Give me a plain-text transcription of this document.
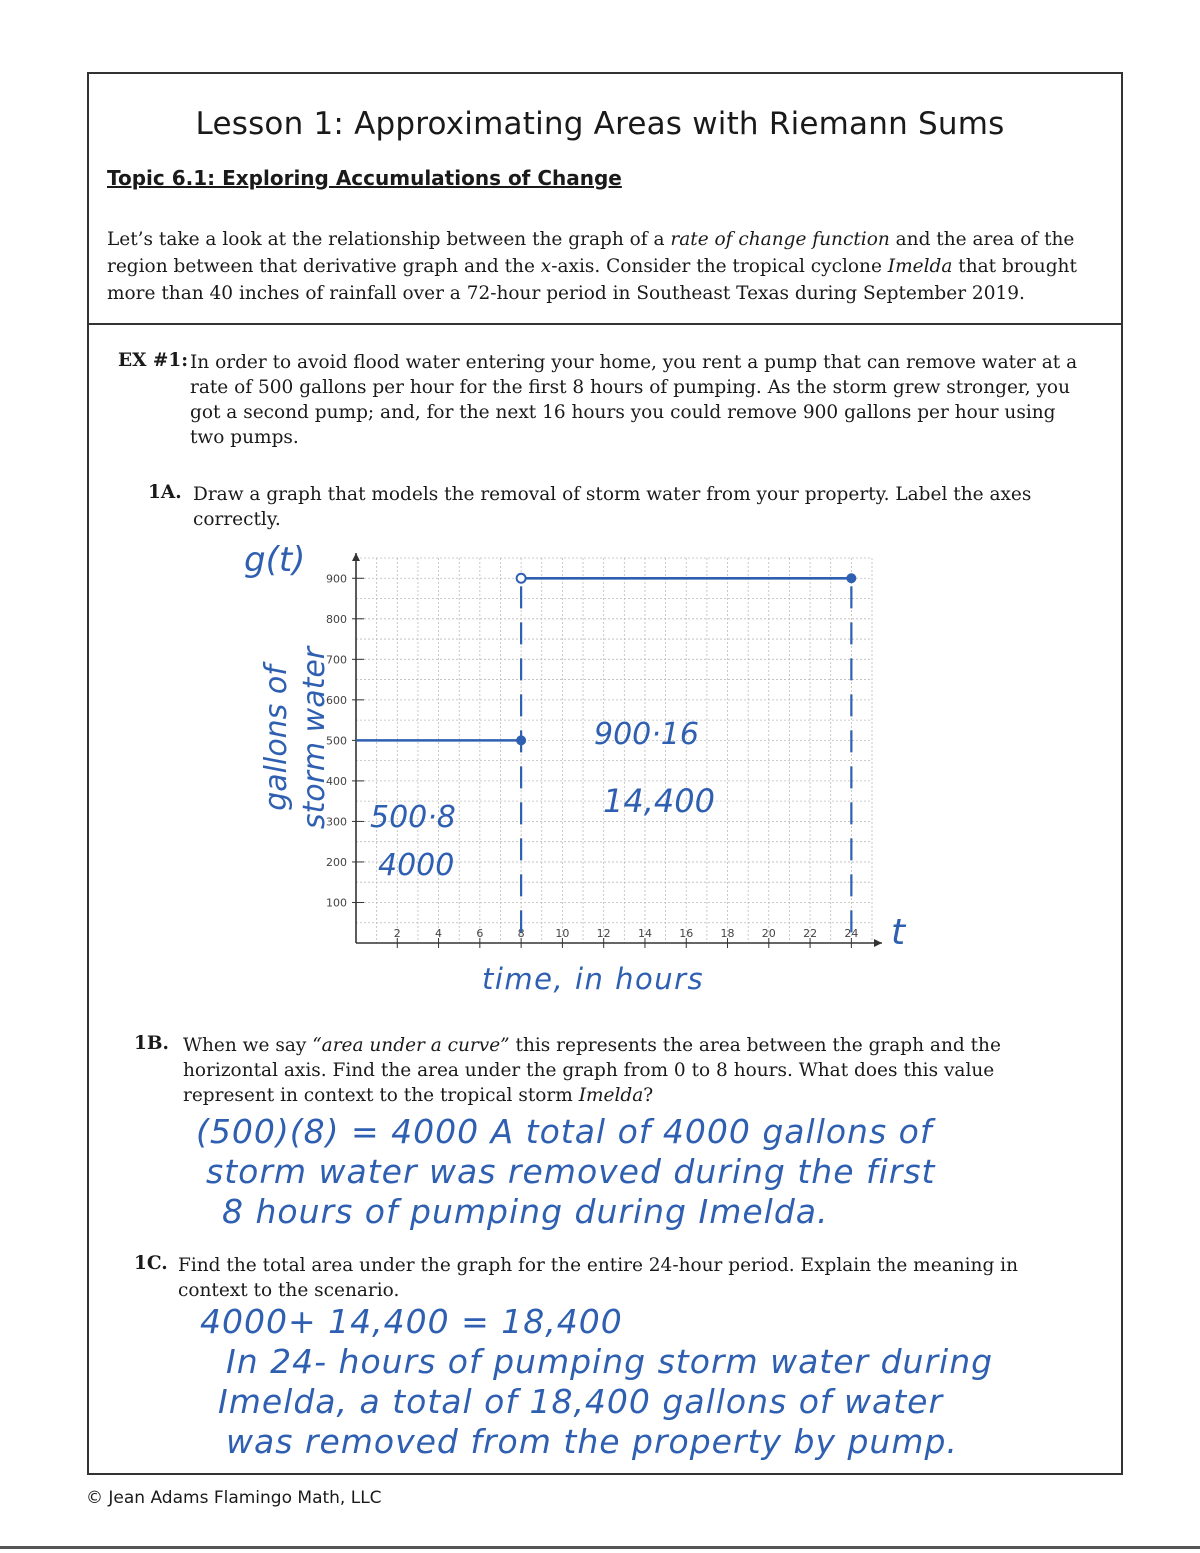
Lesson 1: Approximating Areas with Riemann Sums
Topic 6.1: Exploring Accumulations of Change
Let’s take a look at the relationship between the graph of a rate of change function and the area of the region between that derivative graph and the x-axis. Consider the tropical cyclone Imelda that brought more than 40 inches of rainfall over a 72-hour period in Southeast Texas during September 2019.
EX #1: In order to avoid flood water entering your home, you rent a pump that can remove water at a rate of 500 gallons per hour for the first 8 hours of pumping. As the storm grew stronger, you got a second pump; and, for the next 16 hours you could remove 900 gallons per hour using two pumps.
1A. Draw a graph that models the removal of storm water from your property. Label the axes correctly.
g(t)
gallons of storm water
2	4	6	8	10 12 14 16 18 20 22 24
100
200
300
400
500
600
700
800
900
t
time, in hours
500·8
4000
900·16
14,400
1B. When we say “area under a curve” this represents the area between the graph and the horizontal axis. Find the area under the graph from 0 to 8 hours. What does this value represent in context to the tropical storm Imelda?
(500)(8) = 4000 A total of 4000 gallons of
storm water was removed during the first
8 hours of pumping during Imelda.
1C. Find the total area under the graph for the entire 24-hour period. Explain the meaning in context to the scenario.
4000+ 14,400 = 18,400
In 24- hours of pumping storm water during
Imelda, a total of 18,400 gallons of water
was removed from the property by pump.
© Jean Adams Flamingo Math, LLC
